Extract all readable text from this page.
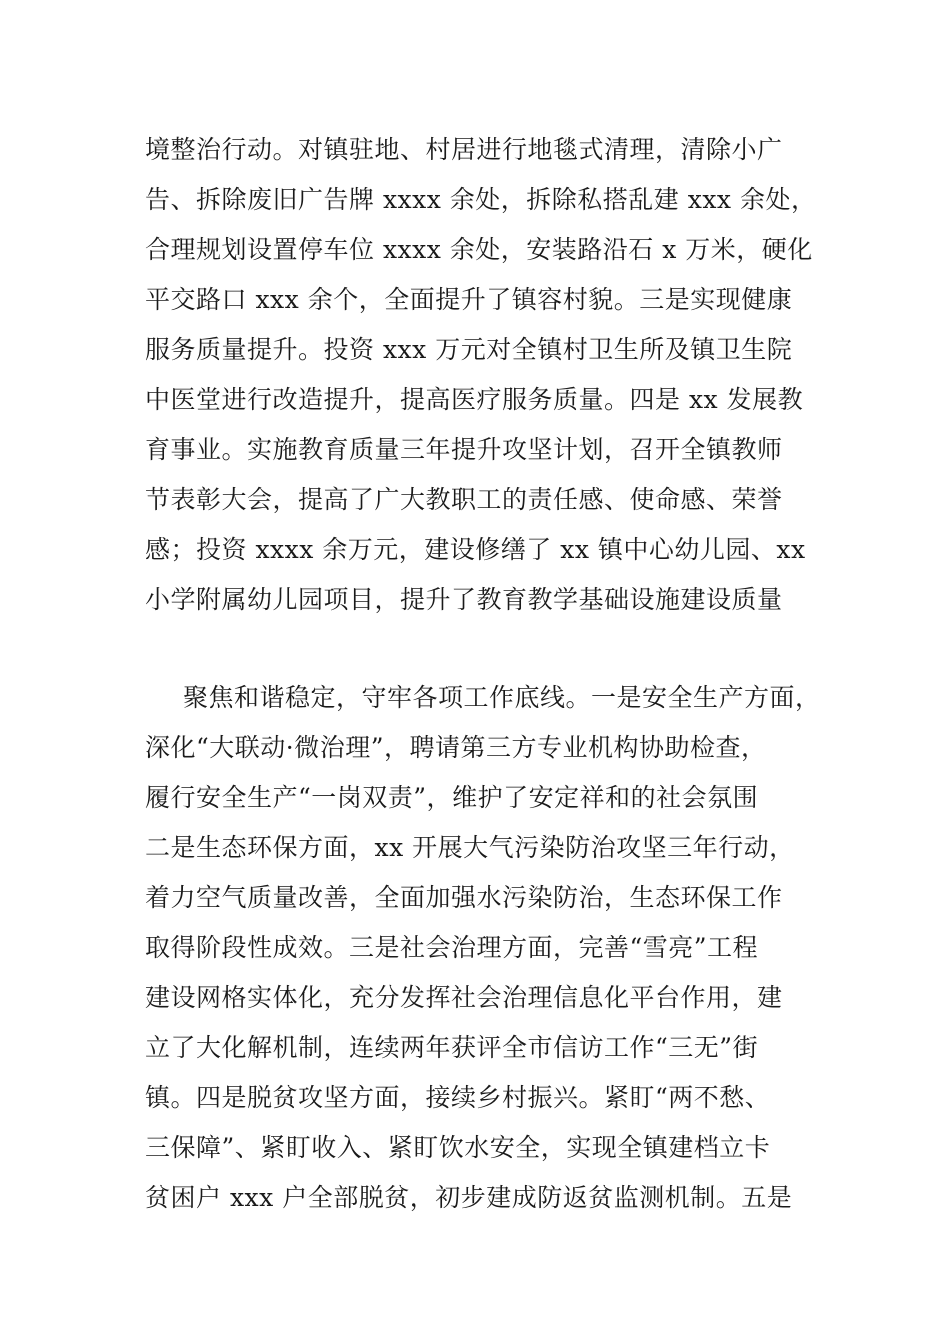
境整治行动。对镇驻地、村居进行地毯式清理，清除小广
告、拆除废旧广告牌 xxxx 余处，拆除私搭乱建 xxx 余处，
合理规划设置停车位 xxxx 余处，安装路沿石 x 万米，硬化
平交路口 xxx 余个，全面提升了镇容村貌。三是实现健康
服务质量提升。投资 xxx 万元对全镇村卫生所及镇卫生院
中医堂进行改造提升，提高医疗服务质量。四是 xx 发展教
育事业。实施教育质量三年提升攻坚计划，召开全镇教师
节表彰大会，提高了广大教职工的责任感、使命感、荣誉
感；投资 xxxx 余万元，建设修缮了 xx 镇中心幼儿园、xx
小学附属幼儿园项目，提升了教育教学基础设施建设质量
聚焦和谐稳定，守牢各项工作底线。一是安全生产方面，
深化“大联动·微治理”，聘请第三方专业机构协助检查，
履行安全生产“一岗双责”，维护了安定祥和的社会氛围
二是生态环保方面，xx 开展大气污染防治攻坚三年行动，
着力空气质量改善，全面加强水污染防治，生态环保工作
取得阶段性成效。三是社会治理方面，完善“雪亮”工程
建设网格实体化，充分发挥社会治理信息化平台作用，建
立了大化解机制，连续两年获评全市信访工作“三无”街
镇。四是脱贫攻坚方面，接续乡村振兴。紧盯“两不愁、
三保障”、紧盯收入、紧盯饮水安全，实现全镇建档立卡
贫困户 xxx 户全部脱贫，初步建成防返贫监测机制。五是
